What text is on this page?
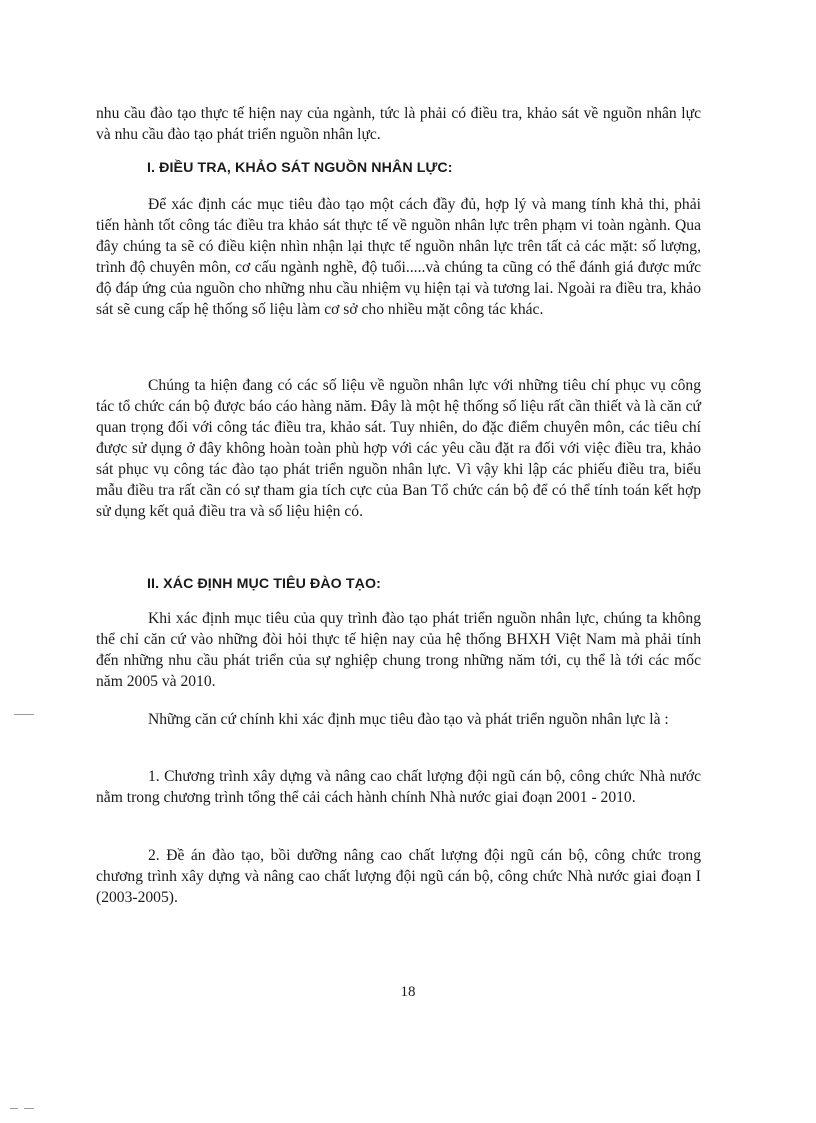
nhu cầu đào tạo thực tế hiện nay của ngành, tức là phải có điều tra, khảo sát về nguồn nhân lực và nhu cầu đào tạo phát triển nguồn nhân lực.

I. ĐIỀU TRA, KHẢO SÁT NGUỒN NHÂN LỰC:

Để xác định các mục tiêu đào tạo một cách đầy đủ, hợp lý và mang tính khả thi, phải tiến hành tốt công tác điều tra khảo sát thực tế về nguồn nhân lực trên phạm vi toàn ngành. Qua đây chúng ta sẽ có điều kiện nhìn nhận lại thực tế nguồn nhân lực trên tất cả các mặt: số lượng, trình độ chuyên môn, cơ cấu ngành nghề, độ tuổi.....và chúng ta cũng có thể đánh giá được mức độ đáp ứng của nguồn cho những nhu cầu nhiệm vụ hiện tại và tương lai. Ngoài ra điều tra, khảo sát sẽ cung cấp hệ thống số liệu làm cơ sở cho nhiều mặt công tác khác.

Chúng ta hiện đang có các số liệu về nguồn nhân lực với những tiêu chí phục vụ công tác tổ chức cán bộ được báo cáo hàng năm. Đây là một hệ thống số liệu rất cần thiết và là căn cứ quan trọng đối với công tác điều tra, khảo sát. Tuy nhiên, do đặc điểm chuyên môn, các tiêu chí được sử dụng ở đây không hoàn toàn phù hợp với các yêu cầu đặt ra đối với việc điều tra, khảo sát phục vụ công tác đào tạo phát triển nguồn nhân lực. Vì vậy khi lập các phiếu điều tra, biểu mẫu điều tra rất cần có sự tham gia tích cực của Ban Tổ chức cán bộ để có thể tính toán kết hợp sử dụng kết quả điều tra và số liệu hiện có.

II. XÁC ĐỊNH MỤC TIÊU ĐÀO TẠO:

Khi xác định mục tiêu của quy trình đào tạo phát triển nguồn nhân lực, chúng ta không thể chỉ căn cứ vào những đòi hỏi thực tế hiện nay của hệ thống BHXH Việt Nam mà phải tính đến những nhu cầu phát triển của sự nghiệp chung trong những năm tới, cụ thể là tới các mốc năm 2005 và 2010.

Những căn cứ chính khi xác định mục tiêu đào tạo và phát triển nguồn nhân lực là :

1. Chương trình xây dựng và nâng cao chất lượng đội ngũ cán bộ, công chức Nhà nước nằm trong chương trình tổng thể cải cách hành chính Nhà nước giai đoạn 2001 - 2010.

2. Đề án đào tạo, bồi dưỡng nâng cao chất lượng đội ngũ cán bộ, công chức trong chương trình xây dựng và nâng cao chất lượng đội ngũ cán bộ, công chức Nhà nước giai đoạn I (2003-2005).

18
